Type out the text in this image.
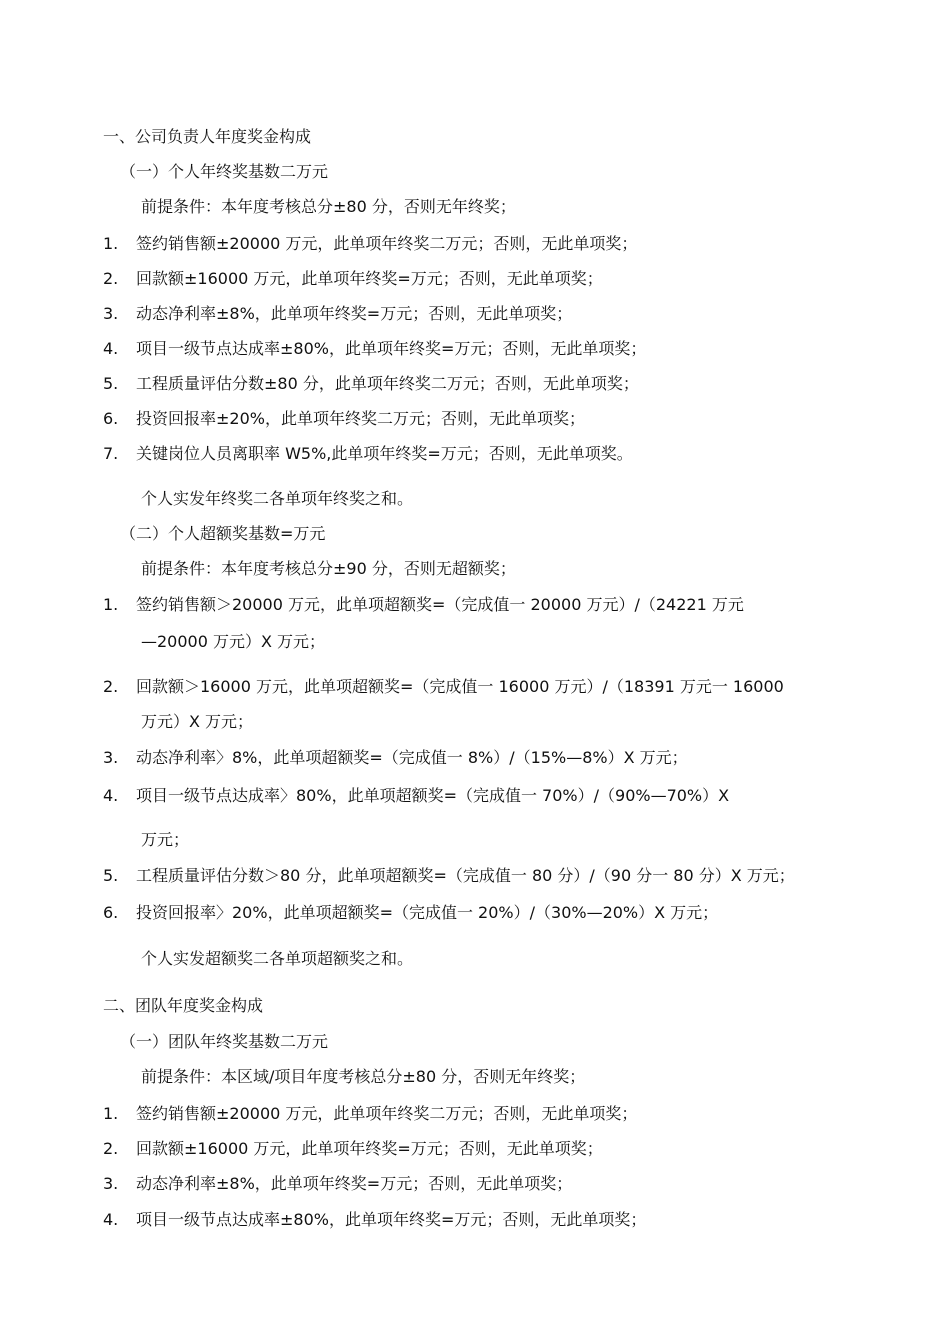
一、公司负责人年度奖金构成
（一）个人年终奖基数二万元
前提条件：本年度考核总分±80 分，否则无年终奖；
1. 签约销售额±20000 万元，此单项年终奖二万元；否则，无此单项奖；
2. 回款额±16000 万元，此单项年终奖=万元；否则，无此单项奖；
3. 动态净利率±8%，此单项年终奖=万元；否则，无此单项奖；
4. 项目一级节点达成率±80%，此单项年终奖=万元；否则，无此单项奖；
5. 工程质量评估分数±80 分，此单项年终奖二万元；否则，无此单项奖；
6. 投资回报率±20%，此单项年终奖二万元；否则，无此单项奖；
7. 关键岗位人员离职率 W5%,此单项年终奖=万元；否则，无此单项奖。
个人实发年终奖二各单项年终奖之和。
（二）个人超额奖基数=万元
前提条件：本年度考核总分±90 分，否则无超额奖；
1. 签约销售额＞20000 万元，此单项超额奖=（完成值一 20000 万元）/（24221 万元
—20000 万元）X 万元；
2. 回款额＞16000 万元，此单项超额奖=（完成值一 16000 万元）/（18391 万元一 16000
万元）X 万元；
3. 动态净利率〉8%，此单项超额奖=（完成值一 8%）/（15%—8%）X 万元；
4. 项目一级节点达成率〉80%，此单项超额奖=（完成值一 70%）/（90%—70%）X
万元；
5. 工程质量评估分数＞80 分，此单项超额奖=（完成值一 80 分）/（90 分一 80 分）X 万元；
6. 投资回报率〉20%，此单项超额奖=（完成值一 20%）/（30%—20%）X 万元；
个人实发超额奖二各单项超额奖之和。
二、团队年度奖金构成
（一）团队年终奖基数二万元
前提条件：本区域/项目年度考核总分±80 分，否则无年终奖；
1. 签约销售额±20000 万元，此单项年终奖二万元；否则，无此单项奖；
2. 回款额±16000 万元，此单项年终奖=万元；否则，无此单项奖；
3. 动态净利率±8%，此单项年终奖=万元；否则，无此单项奖；
4. 项目一级节点达成率±80%，此单项年终奖=万元；否则，无此单项奖；
